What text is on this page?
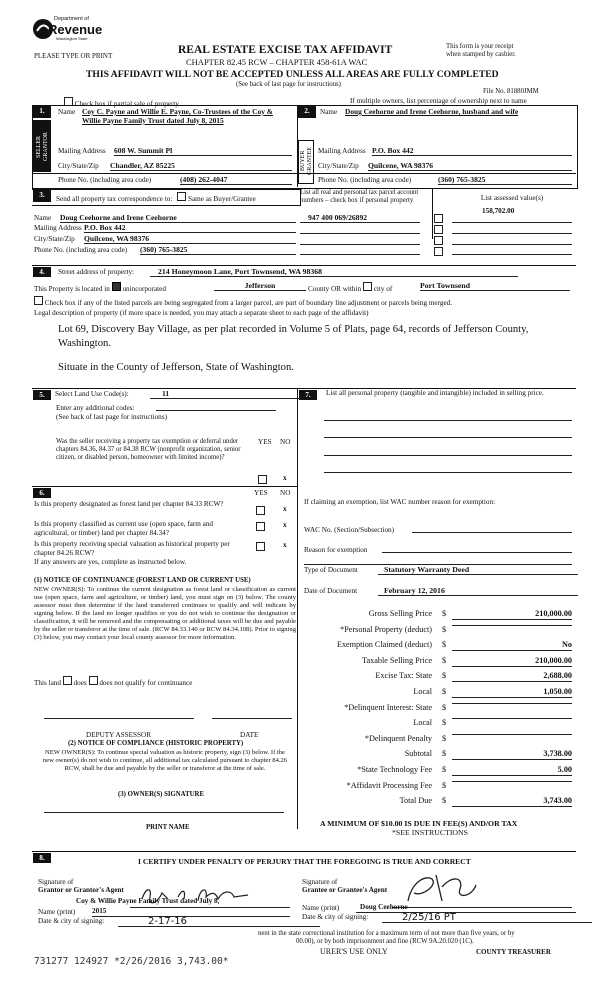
Department of
Revenue
Washington State
PLEASE TYPE OR PRINT	REAL ESTATE EXCISE TAX AFFIDAVIT
CHAPTER 82.45 RCW – CHAPTER 458-61A WAC
THIS AFFIDAVIT WILL NOT BE ACCEPTED UNLESS ALL AREAS ARE FULLY COMPLETED
(See back of last page for instructions)
This form is your receipt
when stamped by cashier.
File No. 81880JMM
Check box if partial sale of property	If multiple owners, list percentage of ownership next to name
1.
SELLER GRANTOR
Name Coy C. Payne and Willie E. Payne, Co-Trustees of the Coy & Willie Payne Family Trust dated July 8, 2015
Mailing Address 608 W. Summit Pl
City/State/Zip Chandler, AZ 85225
Phone No. (including area code)	(408) 262-4047
2.
BUYER GRANTEE
Name Doug Ceehorne and Irene Ceehorne, husband and wife
Mailing Address P.O. Box 442
City/State/Zip Quilcene, WA 98376
Phone No. (including area code)	(360) 765-3825
3.	Send all property tax correspondence to: Same as Buyer/Grantee
List all real and personal tax parcel account numbers – check box if personal property	List assessed value(s)
Name Doug Ceehorne and Irene Ceehorne
Mailing Address P.O. Box 442
City/State/Zip Quilcene, WA 98376
Phone No. (including area code) (360) 765-3825
947 400 069/26892
158,702.00
4.	Street address of property:	214 Honeymoon Lane, Port Townsend, WA 98368
This Property is located in unincorporated	Jefferson	County OR within city of	Port Townsend
Check box if any of the listed parcels are being segregated from a larger parcel, are part of boundary line adjustment or parcels being merged.
Legal description of property (if more space is needed, you may attach a separate sheet to each page of the affidavit)
Lot 69, Discovery Bay Village, as per plat recorded in Volume 5 of Plats, page 64, records of Jefferson County, Washington.
Situate in the County of Jefferson, State of Washington.
5.	Select Land Use Code(s):	11
Enter any additional codes:
(See back of last page for instructions)
YES NO
Was the seller receiving a property tax exemption or deferral under chapters 84.36, 84.37 or 84.38 RCW (nonprofit organization, senior citizen, or disabled person, homeowner with limited income)?
x
6.	YES NO
Is this property designated as forest land per chapter 84.33 RCW?
x
Is this property classified as current use (open space, farm and agricultural, or timber) land per chapter 84.34?
x
Is this property receiving special valuation as historical property per chapter 84.26 RCW?
x
If any answers are yes, complete as instructed below.
(1) NOTICE OF CONTINUANCE (FOREST LAND OR CURRENT USE)
NEW OWNER(S): To continue the current designation as forest land or classification as current use (open space, farm and agriculture, or timber) land, you must sign on (3) below. The county assessor must then determine if the land transferred continues to qualify and will indicate by signing below. If the land no longer qualifies or you do not wish to continue the designation or classification, it will be removed and the compensating or additional taxes will be due and payable by the seller or transferor at the time of sale. (RCW 84.33.140 or RCW 84.34.108). Prior to signing (3) below, you may contact your local county assessor for more information.
This land does does not qualify for continuance
DEPUTY ASSESSOR	DATE
(2) NOTICE OF COMPLIANCE (HISTORIC PROPERTY)
NEW OWNER(S): To continue special valuation as historic property, sign (3) below. If the new owner(s) do not wish to continue, all additional tax calculated pursuant to chapter 84.26 RCW, shall be due and payable by the seller or transferor at the time of sale.
(3) OWNER(S) SIGNATURE
PRINT NAME
7.	List all personal property (tangible and intangible) included in selling price.
If claiming an exemption, list WAC number reason for exemption:
WAC No. (Section/Subsection)
Reason for exemption
Type of Document	Statutory Warranty Deed
Date of Document	February 12, 2016
Gross Selling Price $	210,000.00
*Personal Property (deduct) $
Exemption Claimed (deduct) $	No
Taxable Selling Price $	210,000.00
Excise Tax: State $	2,688.00
Local $	1,050.00
*Delinquent Interest: State $
Local $
*Delinquent Penalty $
Subtotal $	3,738.00
*State Technology Fee $	5.00
*Affidavit Processing Fee $
Total Due $	3,743.00
A MINIMUM OF $10.00 IS DUE IN FEE(S) AND/OR TAX
*SEE INSTRUCTIONS
8.	I CERTIFY UNDER PENALTY OF PERJURY THAT THE FOREGOING IS TRUE AND CORRECT
Signature of
Grantor or Grantor's Agent
Coy & Willie Payne Family Trust dated July 8,
Name (print) 2015
Date & city of signing:	2-17-16
Signature of
Grantee or Grantee's Agent
Name (print)	Doug Ceehorne
Date & city of signing:	2/25/16 PT
nent in the state correctional institution for a maximum term of not more than five years, or by
00.00), or by both imprisonment and fine (RCW 9A.20.020 (1C).
URER'S USE ONLY	COUNTY TREASURER
731277 124927 *2/26/2016 3,743.00*
